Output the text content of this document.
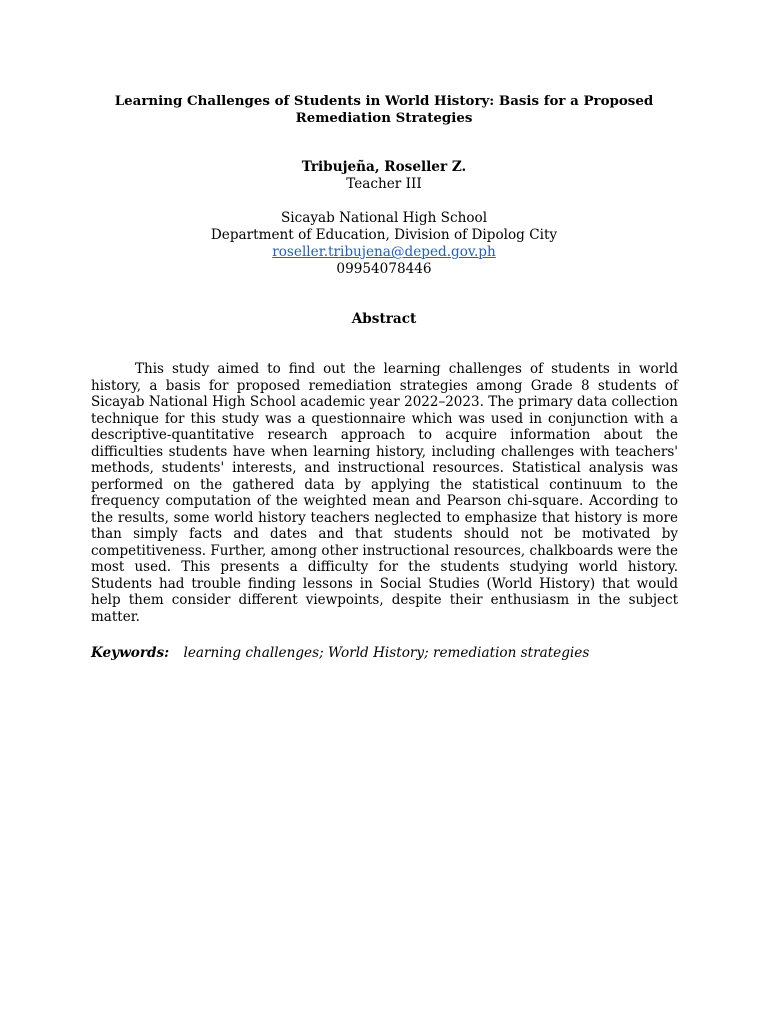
Learning Challenges of Students in World History: Basis for a Proposed Remediation Strategies
Tribujeña, Roseller Z.
Teacher III
Sicayab National High School
Department of Education, Division of Dipolog City
roseller.tribujena@deped.gov.ph
09954078446
Abstract

This study aimed to find out the learning challenges of students in world history, a basis for proposed remediation strategies among Grade 8 students of Sicayab National High School academic year 2022–2023. The primary data collection technique for this study was a questionnaire which was used in conjunction with a descriptive-quantitative research approach to acquire information about the difficulties students have when learning history, including challenges with teachers' methods, students' interests, and instructional resources. Statistical analysis was performed on the gathered data by applying the statistical continuum to the frequency computation of the weighted mean and Pearson chi-square. According to the results, some world history teachers neglected to emphasize that history is more than simply facts and dates and that students should not be motivated by competitiveness. Further, among other instructional resources, chalkboards were the most used. This presents a difficulty for the students studying world history. Students had trouble finding lessons in Social Studies (World History) that would help them consider different viewpoints, despite their enthusiasm in the subject matter.

Keywords: learning challenges; World History; remediation strategies
